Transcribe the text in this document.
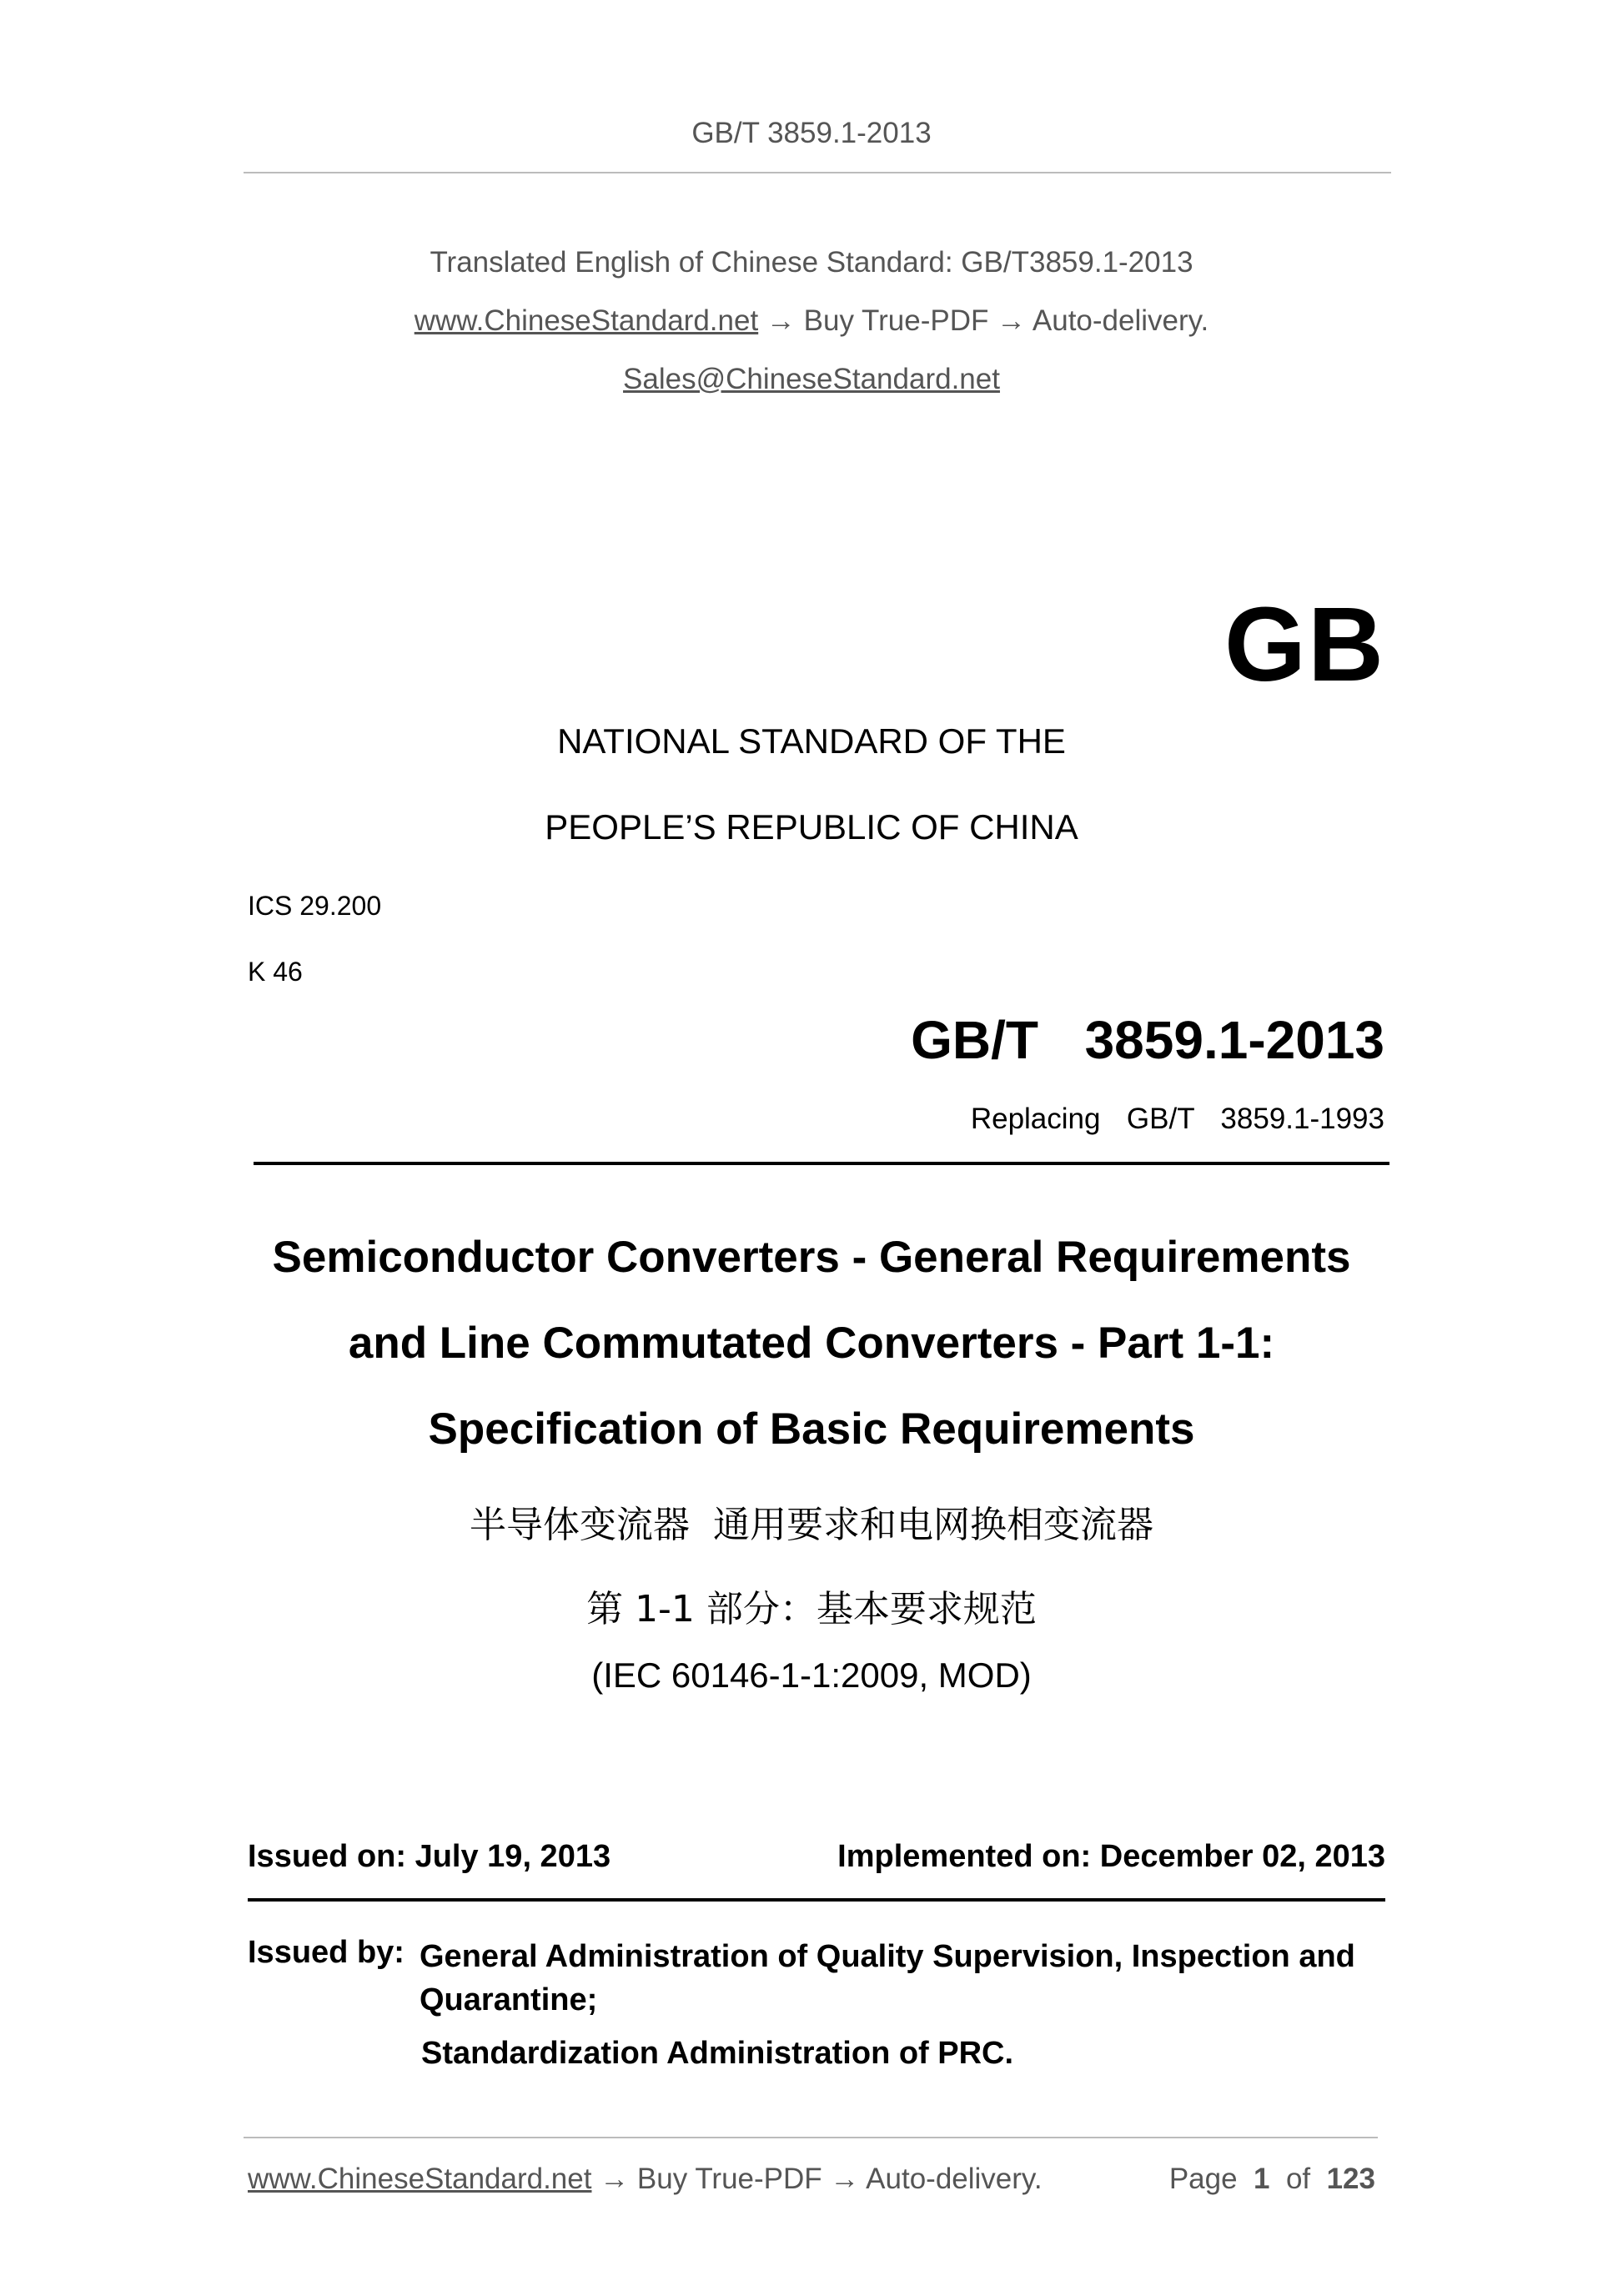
GB/T 3859.1-2013
Translated English of Chinese Standard: GB/T3859.1-2013
www.ChineseStandard.net → Buy True-PDF → Auto-delivery.
Sales@ChineseStandard.net
GB
NATIONAL STANDARD OF THE
PEOPLE’S REPUBLIC OF CHINA
ICS 29.200
K 46
GB/T  3859.1-2013
Replacing  GB/T  3859.1-1993
Semiconductor Converters - General Requirements
and Line Commutated Converters - Part 1-1:
Specification of Basic Requirements
半导体变流器  通用要求和电网换相变流器
第 1-1 部分：基本要求规范
(IEC 60146-1-1:2009, MOD)
Issued on: July 19, 2013	Implemented on: December 02, 2013
Issued by: General Administration of Quality Supervision, Inspection and Quarantine;
Standardization Administration of PRC.
www.ChineseStandard.net → Buy True-PDF → Auto-delivery.	Page 1 of 123
